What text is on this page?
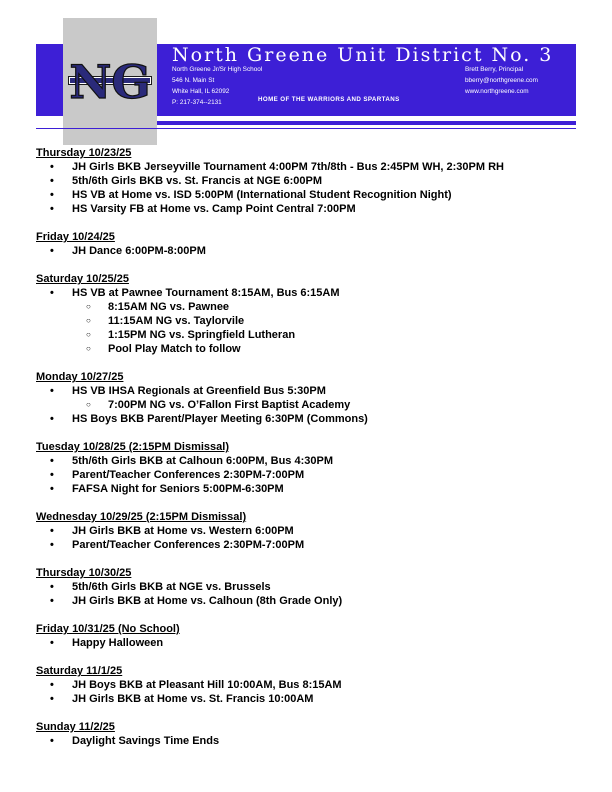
NG North Greene Unit District No. 3
North Greene Jr/Sr High School
546 N. Main St
White Hall, IL 62092
P: 217-374--2131
Brett Berry, Principal
bberry@northgreene.com
www.northgreene.com
HOME OF THE WARRIORS AND SPARTANS
Thursday 10/23/25
• JH Girls BKB Jerseyville Tournament 4:00PM 7th/8th - Bus 2:45PM WH, 2:30PM RH
• 5th/6th Girls BKB vs. St. Francis at NGE 6:00PM
• HS VB at Home vs. ISD 5:00PM (International Student Recognition Night)
• HS Varsity FB at Home vs. Camp Point Central 7:00PM
Friday 10/24/25
• JH Dance 6:00PM-8:00PM
Saturday 10/25/25
• HS VB at Pawnee Tournament 8:15AM, Bus 6:15AM
○ 8:15AM NG vs. Pawnee
○ 11:15AM NG vs. Taylorvile
○ 1:15PM NG vs. Springfield Lutheran
○ Pool Play Match to follow
Monday 10/27/25
• HS VB IHSA Regionals at Greenfield Bus 5:30PM
○ 7:00PM NG vs. O’Fallon First Baptist Academy
• HS Boys BKB Parent/Player Meeting 6:30PM (Commons)
Tuesday 10/28/25 (2:15PM Dismissal)
• 5th/6th Girls BKB at Calhoun 6:00PM, Bus 4:30PM
• Parent/Teacher Conferences 2:30PM-7:00PM
• FAFSA Night for Seniors 5:00PM-6:30PM
Wednesday 10/29/25 (2:15PM Dismissal)
• JH Girls BKB at Home vs. Western 6:00PM
• Parent/Teacher Conferences 2:30PM-7:00PM
Thursday 10/30/25
• 5th/6th Girls BKB at NGE vs. Brussels
• JH Girls BKB at Home vs. Calhoun (8th Grade Only)
Friday 10/31/25 (No School)
• Happy Halloween
Saturday 11/1/25
• JH Boys BKB at Pleasant Hill 10:00AM, Bus 8:15AM
• JH Girls BKB at Home vs. St. Francis 10:00AM
Sunday 11/2/25
• Daylight Savings Time Ends
